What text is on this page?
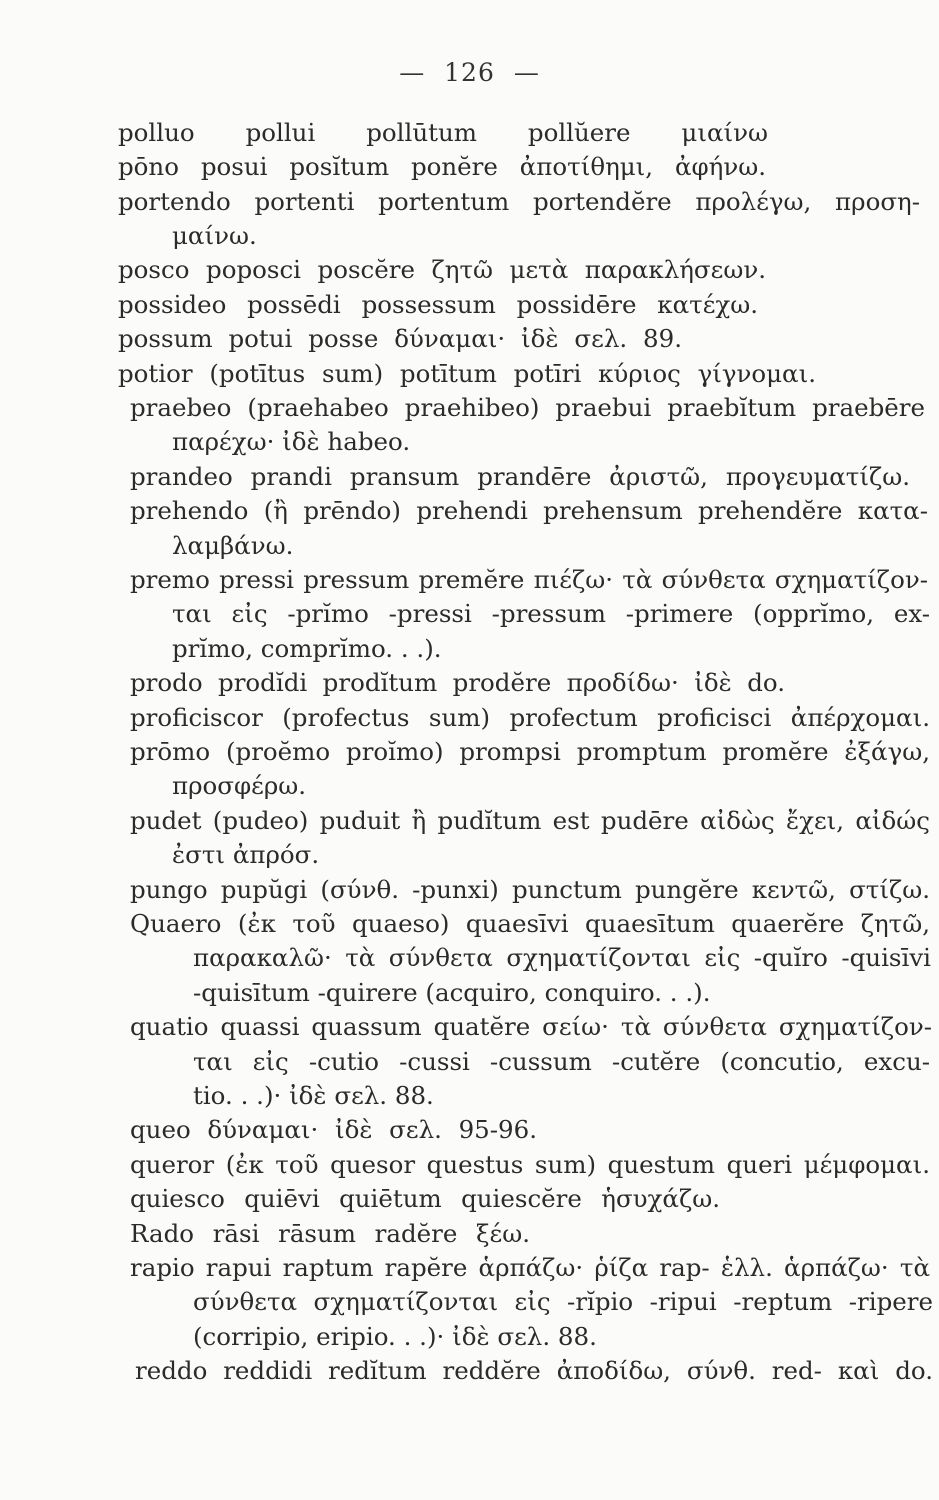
— 126 —
polluo pollui pollūtum pollŭere μιαίνω
pōno posui posĭtum ponĕre ἀποτίθημι, ἀφήνω.
portendo portenti portentum portendĕre προλέγω, προση-
μαίνω.
posco poposci poscĕre ζητῶ μετὰ παρακλήσεων.
possideo possēdi possessum possidēre κατέχω.
possum potui posse δύναμαι· ἰδὲ σελ. 89.
potior (potītus sum) potītum potīri κύριος γίγνομαι.
praebeo (praehabeo praehibeo) praebui praebĭtum praebēre
παρέχω· ἰδὲ habeo.
prandeo prandi pransum prandēre ἀριστῶ, προγευματίζω.
prehendo (ἢ prēndo) prehendi prehensum prehendĕre κατα-
λαμβάνω.
premo pressi pressum premĕre πιέζω· τὰ σύνθετα σχηματίζον-
ται εἰς -prĭmo -pressi -pressum -primere (opprĭmo, ex-
prĭmo, comprĭmo. . .).
prodo prodĭdi prodĭtum prodĕre προδίδω· ἰδὲ do.
proficiscor (profectus sum) profectum proficisci ἀπέρχομαι.
prōmo (proĕmo proĭmo) prompsi promptum promĕre ἐξάγω,
προσφέρω.
pudet (pudeo) puduit ἢ pudĭtum est pudēre αἰδὼς ἔχει, αἰδώς
ἐστι ἀπρόσ.
pungo pupŭgi (σύνθ. -punxi) punctum pungĕre κεντῶ, στίζω.
Quaero (ἐκ τοῦ quaeso) quaesīvi quaesītum quaerĕre ζητῶ,
παρακαλῶ· τὰ σύνθετα σχηματίζονται εἰς -quĭro -quisīvi
-quisītum -quirere (acquiro, conquiro. . .).
quatio quassi quassum quatĕre σείω· τὰ σύνθετα σχηματίζον-
ται εἰς -cutio -cussi -cussum -cutĕre (concutio, excu-
tio. . .)· ἰδὲ σελ. 88.
queo δύναμαι· ἰδὲ σελ. 95-96.
queror (ἐκ τοῦ quesor questus sum) questum queri μέμφομαι.
quiesco quiēvi quiētum quiescĕre ἡσυχάζω.
Rado rāsi rāsum radĕre ξέω.
rapio rapui raptum rapĕre ἁρπάζω· ῥίζα rap- ἑλλ. ἁρπάζω· τὰ
σύνθετα σχηματίζονται εἰς -rĭpio -ripui -reptum -ripere
(corripio, eripio. . .)· ἰδὲ σελ. 88.
reddo reddidi redĭtum reddĕre ἀποδίδω, σύνθ. red- καὶ do.
